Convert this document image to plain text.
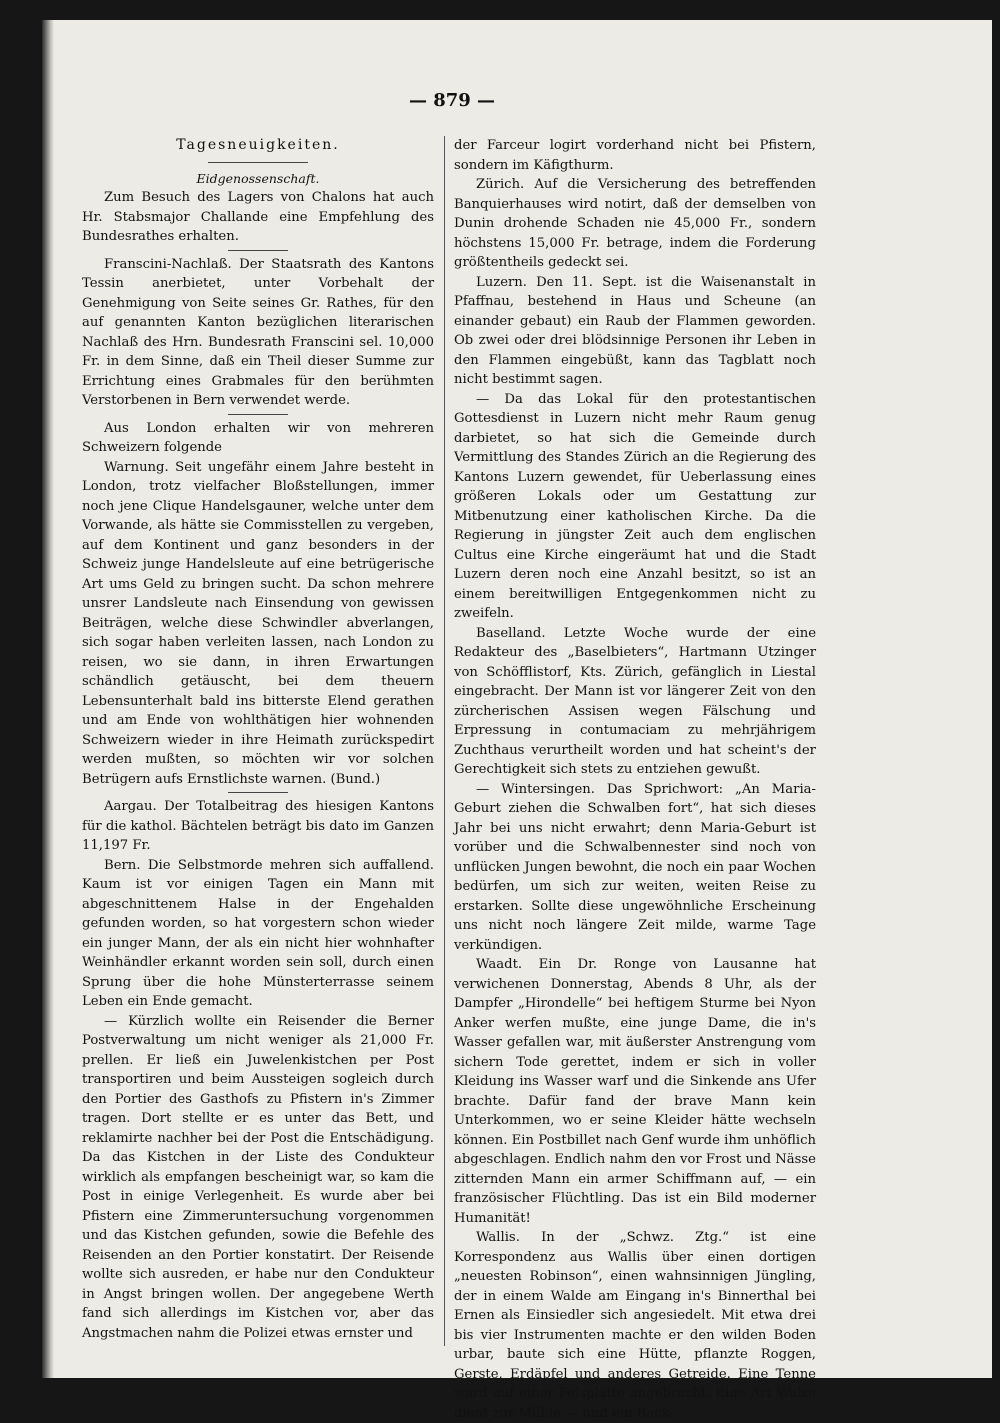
— 879 —
Tagesneuigkeiten.
Eidgenossenschaft.

Zum Besuch des Lagers von Chalons hat auch Hr. Stabsmajor Challande eine Empfehlung des Bundesrathes erhalten.

Franscini-Nachlaß. Der Staatsrath des Kantons Tessin anerbietet, unter Vorbehalt der Genehmigung von Seite seines Gr. Rathes, für den auf genannten Kanton bezüglichen literarischen Nachlaß des Hrn. Bundesrath Franscini sel. 10,000 Fr. in dem Sinne, daß ein Theil dieser Summe zur Errichtung eines Grabmales für den berühmten Verstorbenen in Bern verwendet werde.

Aus London erhalten wir von mehreren Schweizern folgende

Warnung. Seit ungefähr einem Jahre besteht in London, trotz vielfacher Bloßstellungen, immer noch jene Clique Handelsgauner, welche unter dem Vorwande, als hätte sie Commisstellen zu vergeben, auf dem Kontinent und ganz besonders in der Schweiz junge Handelsleute auf eine betrügerische Art ums Geld zu bringen sucht. Da schon mehrere unsrer Landsleute nach Einsendung von gewissen Beiträgen, welche diese Schwindler abverlangen, sich sogar haben verleiten lassen, nach London zu reisen, wo sie dann, in ihren Erwartungen schändlich getäuscht, bei dem theuern Lebensunterhalt bald ins bitterste Elend gerathen und am Ende von wohlthätigen hier wohnenden Schweizern wieder in ihre Heimath zurückspedirt werden mußten, so möchten wir vor solchen Betrügern aufs Ernstlichste warnen. (Bund.)

Aargau. Der Totalbeitrag des hiesigen Kantons für die kathol. Bächtelen beträgt bis dato im Ganzen 11,197 Fr.

Bern. Die Selbstmorde mehren sich auffallend. Kaum ist vor einigen Tagen ein Mann mit abgeschnittenem Halse in der Engehalden gefunden worden, so hat vorgestern schon wieder ein junger Mann, der als ein nicht hier wohnhafter Weinhändler erkannt worden sein soll, durch einen Sprung über die hohe Münsterterrasse seinem Leben ein Ende gemacht.

— Kürzlich wollte ein Reisender die Berner Postverwaltung um nicht weniger als 21,000 Fr. prellen. Er ließ ein Juwelenkistchen per Post transportiren und beim Aussteigen sogleich durch den Portier des Gasthofs zu Pfistern in's Zimmer tragen. Dort stellte er es unter das Bett, und reklamirte nachher bei der Post die Entschädigung. Da das Kistchen in der Liste des Condukteur wirklich als empfangen bescheinigt war, so kam die Post in einige Verlegenheit. Es wurde aber bei Pfistern eine Zimmeruntersuchung vorgenommen und das Kistchen gefunden, sowie die Befehle des Reisenden an den Portier konstatirt. Der Reisende wollte sich ausreden, er habe nur den Condukteur in Angst bringen wollen. Der angegebene Werth fand sich allerdings im Kistchen vor, aber das Angstmachen nahm die Polizei etwas ernster und

der Farceur logirt vorderhand nicht bei Pfistern, sondern im Käfigthurm.

Zürich. Auf die Versicherung des betreffenden Banquierhauses wird notirt, daß der demselben von Dunin drohende Schaden nie 45,000 Fr., sondern höchstens 15,000 Fr. betrage, indem die Forderung größtentheils gedeckt sei.

Luzern. Den 11. Sept. ist die Waisenanstalt in Pfaffnau, bestehend in Haus und Scheune (an einander gebaut) ein Raub der Flammen geworden. Ob zwei oder drei blödsinnige Personen ihr Leben in den Flammen eingebüßt, kann das Tagblatt noch nicht bestimmt sagen.

— Da das Lokal für den protestantischen Gottesdienst in Luzern nicht mehr Raum genug darbietet, so hat sich die Gemeinde durch Vermittlung des Standes Zürich an die Regierung des Kantons Luzern gewendet, für Ueberlassung eines größeren Lokals oder um Gestattung zur Mitbenutzung einer katholischen Kirche. Da die Regierung in jüngster Zeit auch dem englischen Cultus eine Kirche eingeräumt hat und die Stadt Luzern deren noch eine Anzahl besitzt, so ist an einem bereitwilligen Entgegenkommen nicht zu zweifeln.

Baselland. Letzte Woche wurde der eine Redakteur des „Baselbieters“, Hartmann Utzinger von Schöfflistorf, Kts. Zürich, gefänglich in Liestal eingebracht. Der Mann ist vor längerer Zeit von den zürcherischen Assisen wegen Fälschung und Erpressung in contumaciam zu mehrjährigem Zuchthaus verurtheilt worden und hat scheint's der Gerechtigkeit sich stets zu entziehen gewußt.

— Wintersingen. Das Sprichwort: „An Maria-Geburt ziehen die Schwalben fort“, hat sich dieses Jahr bei uns nicht erwahrt; denn Maria-Geburt ist vorüber und die Schwalbennester sind noch von unflücken Jungen bewohnt, die noch ein paar Wochen bedürfen, um sich zur weiten, weiten Reise zu erstarken. Sollte diese ungewöhnliche Erscheinung uns nicht noch längere Zeit milde, warme Tage verkündigen.

Waadt. Ein Dr. Ronge von Lausanne hat verwichenen Donnerstag, Abends 8 Uhr, als der Dampfer „Hirondelle“ bei heftigem Sturme bei Nyon Anker werfen mußte, eine junge Dame, die in's Wasser gefallen war, mit äußerster Anstrengung vom sichern Tode gerettet, indem er sich in voller Kleidung ins Wasser warf und die Sinkende ans Ufer brachte. Dafür fand der brave Mann kein Unterkommen, wo er seine Kleider hätte wechseln können. Ein Postbillet nach Genf wurde ihm unhöflich abgeschlagen. Endlich nahm den vor Frost und Nässe zitternden Mann ein armer Schiffmann auf, — ein französischer Flüchtling. Das ist ein Bild moderner Humanität!

Wallis. In der „Schwz. Ztg.“ ist eine Korrespondenz aus Wallis über einen dortigen „neuesten Robinson“, einen wahnsinnigen Jüngling, der in einem Walde am Eingang in's Binnerthal bei Ernen als Einsiedler sich angesiedelt. Mit etwa drei bis vier Instrumenten machte er den wilden Boden urbar, baute sich eine Hütte, pflanzte Roggen, Gerste, Erdäpfel und anderes Getreide. Eine Tenne ward auf einer Felsplatte angebracht. Eine Art Walze dient zur Mühle — und ein Back-
